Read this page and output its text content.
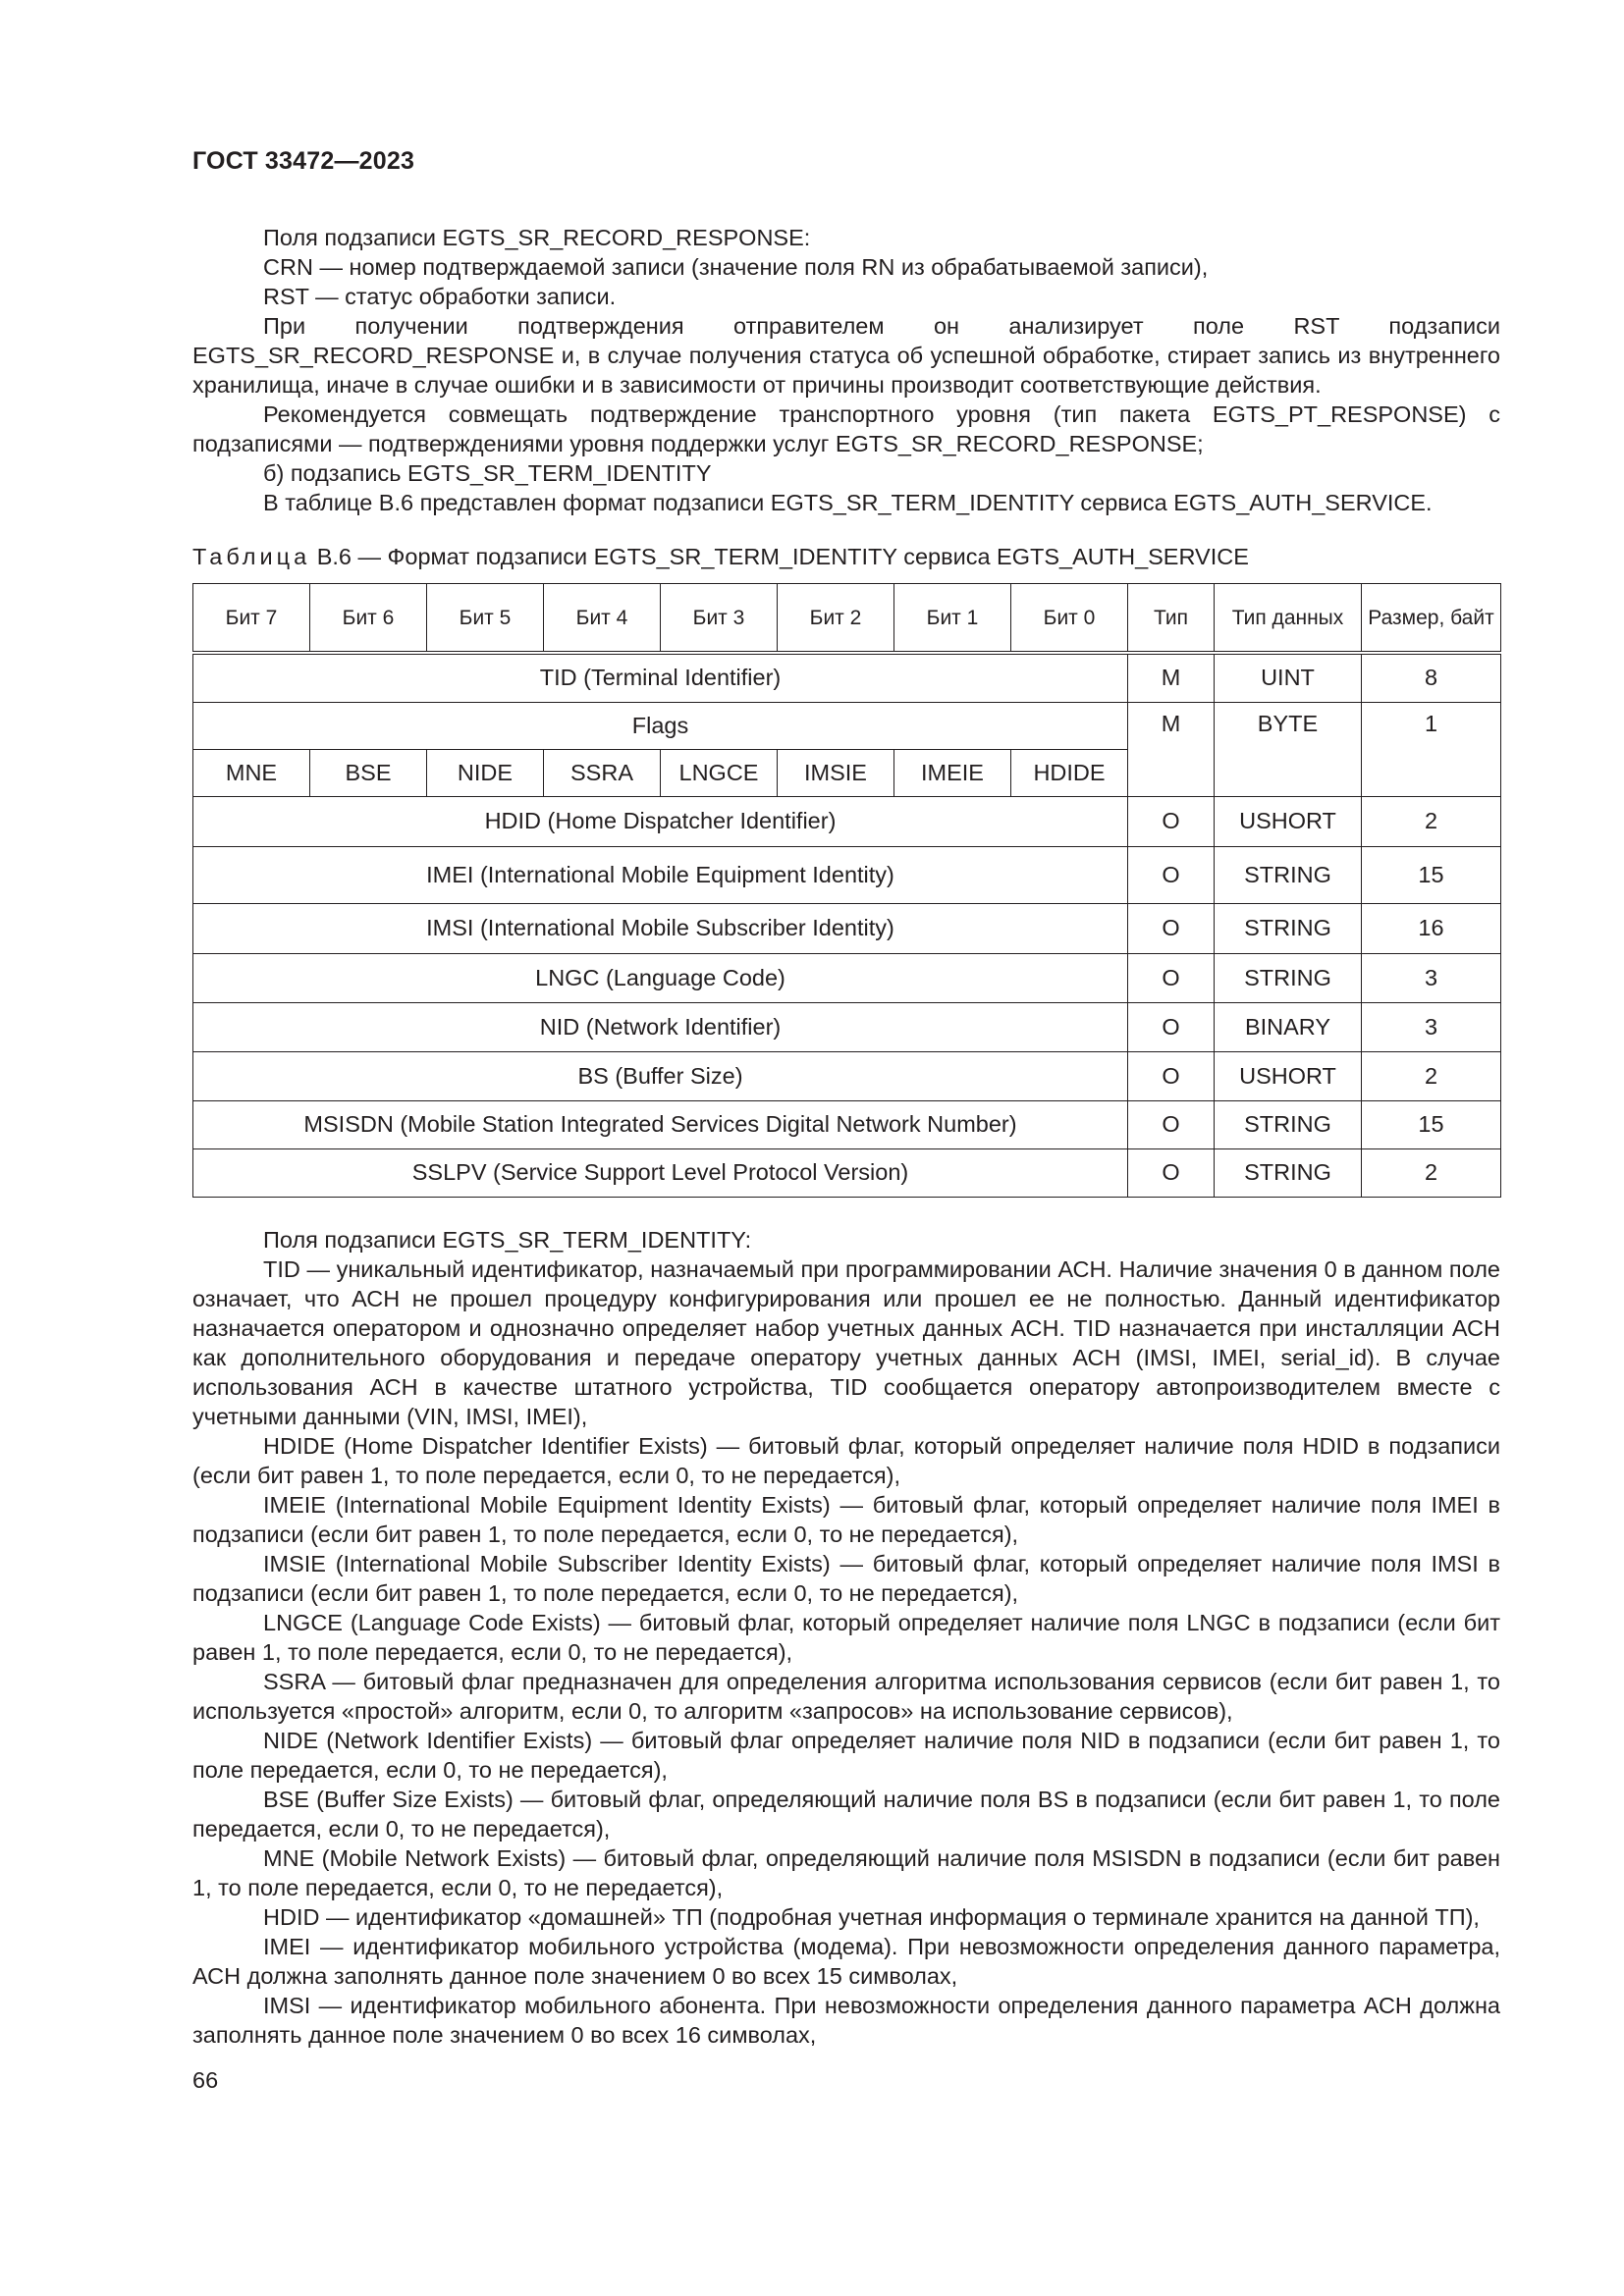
ГОСТ 33472—2023

Поля подзаписи EGTS_SR_RECORD_RESPONSE:

CRN — номер подтверждаемой записи (значение поля RN из обрабатываемой записи),

RST — статус обработки записи.

При получении подтверждения отправителем он анализирует поле RST подзаписи EGTS_SR_RECORD_RESPONSE и, в случае получения статуса об успешной обработке, стирает запись из внутреннего хранилища, иначе в случае ошибки и в зависимости от причины производит соответствующие действия.

Рекомендуется совмещать подтверждение транспортного уровня (тип пакета EGTS_PT_RESPONSE) с подзаписями — подтверждениями уровня поддержки услуг EGTS_SR_RECORD_RESPONSE;

б) подзапись EGTS_SR_TERM_IDENTITY

В таблице В.6 представлен формат подзаписи EGTS_SR_TERM_IDENTITY сервиса EGTS_AUTH_SERVICE.

Таблица В.6 — Формат подзаписи EGTS_SR_TERM_IDENTITY сервиса EGTS_AUTH_SERVICE
Бит 7	Бит 6	Бит 5	Бит 4	Бит 3	Бит 2	Бит 1	Бит 0	Тип	Тип данных	Размер, байт
TID (Terminal Identifier)								M	UINT	8
Flags								M	BYTE	1
MNE	BSE	NIDE	SSRA	LNGCE	IMSIE	IMEIE	HDIDE			
HDID (Home Dispatcher Identifier)								O	USHORT	2
IMEI (International Mobile Equipment Identity)								O	STRING	15
IMSI (International Mobile Subscriber Identity)								O	STRING	16
LNGC (Language Code)								O	STRING	3
NID (Network Identifier)								O	BINARY	3
BS (Buffer Size)								O	USHORT	2
MSISDN (Mobile Station Integrated Services Digital Network Number)								O	STRING	15
SSLPV (Service Support Level Protocol Version)								O	STRING	2

Поля подзаписи EGTS_SR_TERM_IDENTITY:

TID — уникальный идентификатор, назначаемый при программировании АСН. Наличие значения 0 в данном поле означает, что АСН не прошел процедуру конфигурирования или прошел ее не полностью. Данный идентификатор назначается оператором и однозначно определяет набор учетных данных АСН. TID назначается при инсталляции АСН как дополнительного оборудования и передаче оператору учетных данных АСН (IMSI, IMEI, serial_id). В случае использования АСН в качестве штатного устройства, TID сообщается оператору автопроизводителем вместе с учетными данными (VIN, IMSI, IMEI),

HDIDE (Home Dispatcher Identifier Exists) — битовый флаг, который определяет наличие поля HDID в подзаписи (если бит равен 1, то поле передается, если 0, то не передается),

IMEIE (International Mobile Equipment Identity Exists) — битовый флаг, который определяет наличие поля IMEI в подзаписи (если бит равен 1, то поле передается, если 0, то не передается),

IMSIE (International Mobile Subscriber Identity Exists) — битовый флаг, который определяет наличие поля IMSI в подзаписи (если бит равен 1, то поле передается, если 0, то не передается),

LNGCE (Language Code Exists) — битовый флаг, который определяет наличие поля LNGC в подзаписи (если бит равен 1, то поле передается, если 0, то не передается),

SSRA — битовый флаг предназначен для определения алгоритма использования сервисов (если бит равен 1, то используется «простой» алгоритм, если 0, то алгоритм «запросов» на использование сервисов),

NIDE (Network Identifier Exists) — битовый флаг определяет наличие поля NID в подзаписи (если бит равен 1, то поле передается, если 0, то не передается),

BSE (Buffer Size Exists) — битовый флаг, определяющий наличие поля BS в подзаписи (если бит равен 1, то поле передается, если 0, то не передается),

MNE (Mobile Network Exists) — битовый флаг, определяющий наличие поля MSISDN в подзаписи (если бит равен 1, то поле передается, если 0, то не передается),

HDID — идентификатор «домашней» ТП (подробная учетная информация о терминале хранится на данной ТП),

IMEI — идентификатор мобильного устройства (модема). При невозможности определения данного параметра, АСН должна заполнять данное поле значением 0 во всех 15 символах,

IMSI — идентификатор мобильного абонента. При невозможности определения данного параметра АСН должна заполнять данное поле значением 0 во всех 16 символах,

66
